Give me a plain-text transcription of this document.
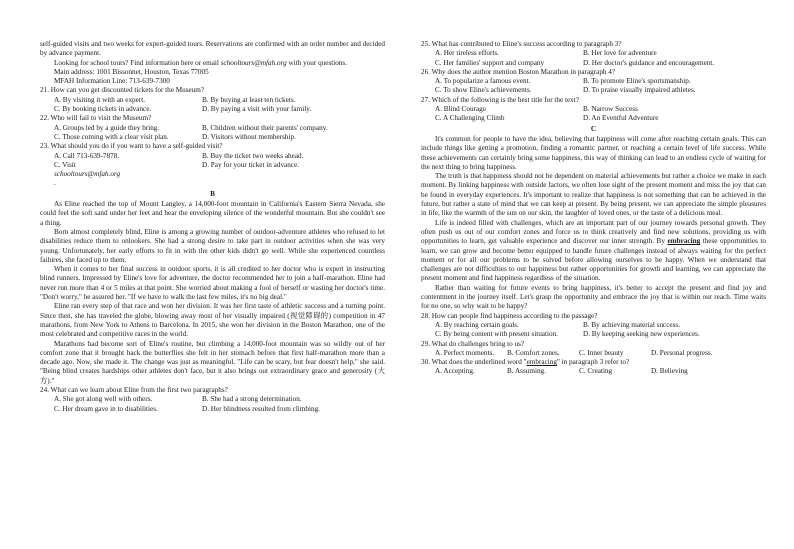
self-guided visits and two weeks for expert-guided tours. Reservations are confirmed with an order number and decided by advance payment.
Looking for school tours? Find information here or email schooltours@mfah.org with your questions.
Main address: 1001 Bissonnet, Houston, Texas 77005
MFAH Information Line: 713-639-7300
21. How can you get discounted tickets for the Museum?
A. By visiting it with an expert.	B. By buying at least ten tickets.
C. By booking tickets in advance.	D. By paying a visit with your family.
22. Who will fail to visit the Museum?
A. Groups led by a guide they bring.	B. Children without their parents' company.
C. Those coming with a clear visit plan.	D. Visitors without membership.
23. What should you do if you want to have a self-guided visit?
A. Call 713-639-7878.	B. Buy the ticket two weeks ahead.
C. Visit
schooltours@mfah.org
.
D. Pay for your ticket in advance.
B
As Eline reached the top of Mount Langley, a 14,000-foot mountain in California's Eastern Sierra Nevada, she could feel the soft sand under her feet and hear the enveloping silence of the wonderful mountain. But she couldn't see a thing.
Born almost completely blind, Eline is among a growing number of outdoor-adventure athletes who refused to let disabilities reduce them to onlookers. She had a strong desire to take part in outdoor activities when she was very young. Unfortunately, her early efforts to fit in with the other kids didn't go well. While she experienced countless failures, she faced up to them.
When it comes to her final success in outdoor sports, it is all credited to her doctor who is expert in instructing blind runners. Impressed by Eline's love for adventure, the doctor recommended her to join a half-marathon. Eline had never run more than 4 or 5 miles at that point. She worried about making a fool of herself or wasting her doctor's time. "Don't worry," he assured her. "If we have to walk the last few miles, it's no big deal."
Eline ran every step of that race and won her division. It was her first taste of athletic success and a turning point. Since then, she has traveled the globe, blowing away most of her visually impaired (视觉障碍的) competition in 47 marathons, from New York to Athens to Barcelona. In 2015, she won her division in the Boston Marathon, one of the most celebrated and competitive races in the world.
Marathons had become sort of Eline's routine, but climbing a 14,000-foot mountain was so wildly out of her comfort zone that it brought back the butterflies she felt in her stomach before that first half-marathon more than a decade ago. Now, she made it. The change was just as meaningful. "Life can be scary, but fear doesn't help," she said. "Being blind creates hardships other athletes don't face, but it also brings out extraordinary grace and generosity (大方)."
24. What can we learn about Eline from the first two paragraphs?
A. She got along well with others.	B. She had a strong determination.
C. Her dream gave in to disabilities.	D. Her blindness resulted from climbing.
25. What has contributed to Eline's success according to paragraph 3?
A. Her tireless efforts.	B. Her love for adventure
C. Her families' support and company	D. Her doctor's guidance and encouragement.
26. Why does the author mention Boston Marathon in paragraph 4?
A. To popularize a famous event.	B. To promote Eline's sportsmanship.
C. To show Eline's achievements.	D. To praise visually impaired athletes.
27. Which of the following is the best title for the text?
A. Blind Courage	B. Narrow Success
C. A Challenging Climb	D. An Eventful Adventure
C
It's common for people to have the idea, believing that happiness will come after reaching certain goals. This can include things like getting a promotion, finding a romantic partner, or reaching a certain level of life success. While these achievements can certainly bring some happiness, this way of thinking can lead to an endless cycle of waiting for the next thing to bring happiness.
The truth is that happiness should not be dependent on material achievements but rather a choice we make in each moment. By linking happiness with outside factors, we often lose sight of the present moment and miss the joy that can be found in everyday experiences. It's important to realize that happiness is not something that can be achieved in the future, but rather a state of mind that we can keep at present. By being present, we can appreciate the simple pleasures in life, like the warmth of the sun on our skin, the laughter of loved ones, or the taste of a delicious meal.
Life is indeed filled with challenges, which are an important part of our journey towards personal growth. They often push us out of our comfort zones and force us to think creatively and find new solutions, providing us with opportunities to learn, get valuable experience and discover our inner strength. By embracing these opportunities to learn, we can grow and become better equipped to handle future challenges instead of always waiting for the perfect moment or for all our problems to be solved before allowing ourselves to be happy. When we understand that challenges are not difficulties to our happiness but rather opportunities for growth and learning, we can appreciate the present moment and find happiness regardless of the situation.
Rather than waiting for future events to bring happiness, it's better to accept the present and find joy and contentment in the journey itself. Let's grasp the opportunity and embrace the joy that is within our reach. Time waits for no one, so why wait to be happy?
28. How can people find happiness according to the passage?
A. By reaching certain goals.	B. By achieving material success.
C. By being content with present situation.	D. By keeping seeking new experiences.
29. What do challenges bring to us?
A. Perfect moments.	B. Comfort zones.	C. Inner beauty	D. Personal progress.
30. What does the underlined word "embracing" in paragraph 3 refer to?
A. Accepting.	B. Assuming.	C. Creating	D. Believing
